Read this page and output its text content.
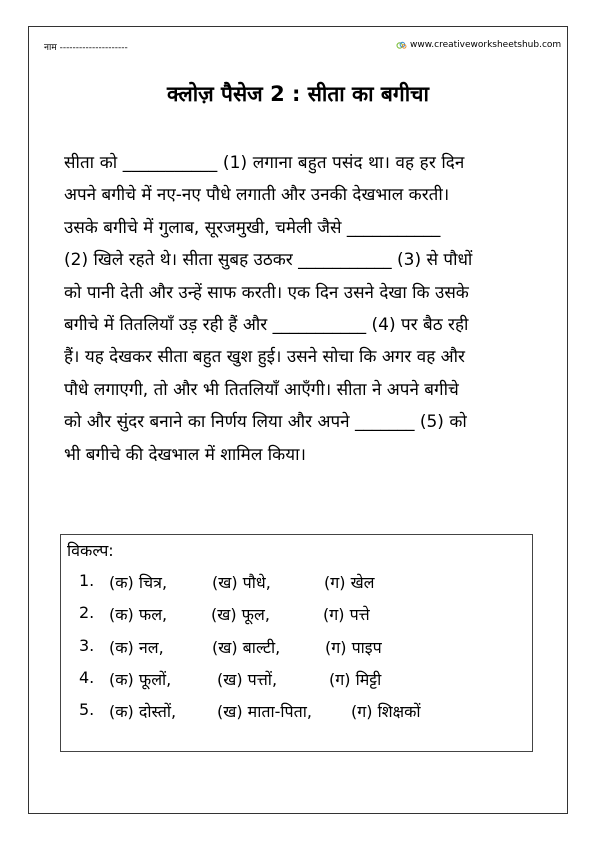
नाम ---------------------	www.creativeworksheetshub.com
क्लोज़ पैसेज 2 : सीता का बगीचा
सीता को ___________ (1) लगाना बहुत पसंद था। वह हर दिन
अपने बगीचे में नए-नए पौधे लगाती और उनकी देखभाल करती।
उसके बगीचे में गुलाब, सूरजमुखी, चमेली जैसे ___________
(2) खिले रहते थे। सीता सुबह उठकर ___________ (3) से पौधों
को पानी देती और उन्हें साफ करती। एक दिन उसने देखा कि उसके
बगीचे में तितलियाँ उड़ रही हैं और ___________ (4) पर बैठ रही
हैं। यह देखकर सीता बहुत खुश हुई। उसने सोचा कि अगर वह और
पौधे लगाएगी, तो और भी तितलियाँ आएँगी। सीता ने अपने बगीचे
को और सुंदर बनाने का निर्णय लिया और अपने _______ (5) को
भी बगीचे की देखभाल में शामिल किया।
विकल्प:
1. (क) चित्र,	(ख) पौधे,	(ग) खेल
2. (क) फल,	(ख) फूल,	(ग) पत्ते
3. (क) नल,	(ख) बाल्टी,	(ग) पाइप
4. (क) फूलों,	(ख) पत्तों,	(ग) मिट्टी
5. (क) दोस्तों,	(ख) माता-पिता,	(ग) शिक्षकों
